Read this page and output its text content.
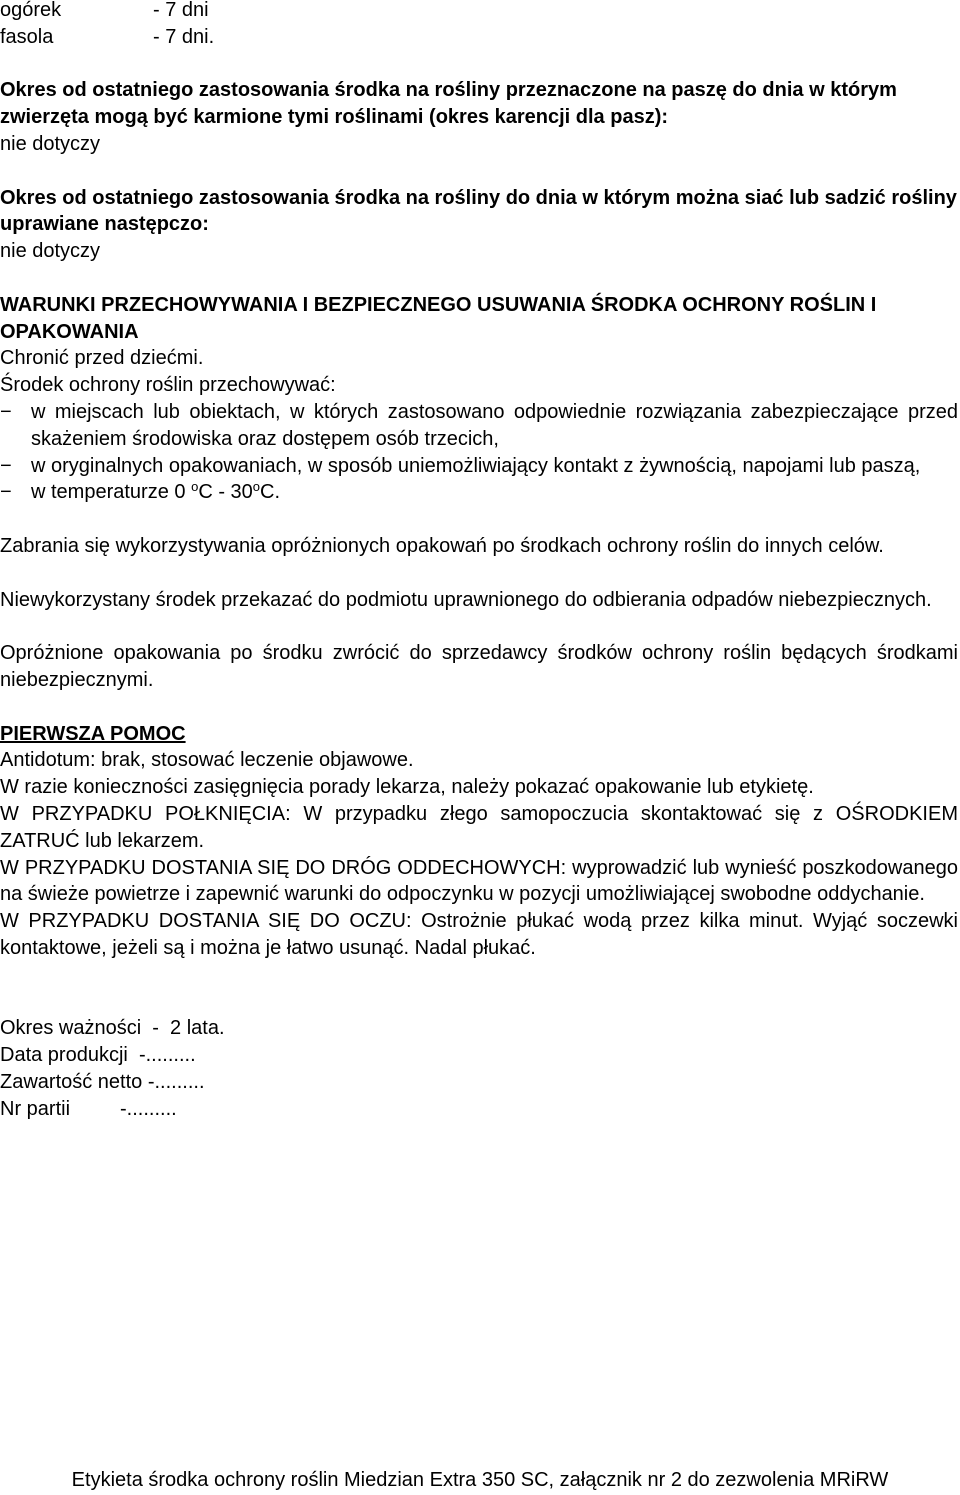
ogórek	- 7 dni
fasola	- 7 dni.

Okres od ostatniego zastosowania środka na rośliny przeznaczone na paszę do dnia w którym zwierzęta mogą być karmione tymi roślinami (okres karencji dla pasz):

nie dotyczy

Okres od ostatniego zastosowania środka na rośliny do dnia w którym można siać lub sadzić rośliny uprawiane następczo:

nie dotyczy

WARUNKI PRZECHOWYWANIA I BEZPIECZNEGO USUWANIA ŚRODKA OCHRONY ROŚLIN I OPAKOWANIA

Chronić przed dziećmi.

Środek ochrony roślin przechowywać:

− w miejscach lub obiektach, w których zastosowano odpowiednie rozwiązania zabezpieczające przed skażeniem środowiska oraz dostępem osób trzecich,
− w oryginalnych opakowaniach, w sposób uniemożliwiający kontakt z żywnością, napojami lub paszą,
− w temperaturze 0 $^o$C - 30$^o$C.

Zabrania się wykorzystywania opróżnionych opakowań po środkach ochrony roślin do innych celów.

Niewykorzystany środek przekazać do podmiotu uprawnionego do odbierania odpadów niebezpiecznych.

Opróżnione opakowania po środku zwrócić do sprzedawcy środków ochrony roślin będących środkami niebezpiecznymi.

PIERWSZA POMOC

Antidotum: brak, stosować leczenie objawowe.

W razie konieczności zasięgnięcia porady lekarza, należy pokazać opakowanie lub etykietę.

W PRZYPADKU POŁKNIĘCIA: W przypadku złego samopoczucia skontaktować się z OŚRODKIEM ZATRUĆ lub lekarzem.

W PRZYPADKU DOSTANIA SIĘ DO DRÓG ODDECHOWYCH: wyprowadzić lub wynieść poszkodowanego na świeże powietrze i zapewnić warunki do odpoczynku w pozycji umożliwiającej swobodne oddychanie.

W PRZYPADKU DOSTANIA SIĘ DO OCZU: Ostrożnie płukać wodą przez kilka minut. Wyjąć soczewki kontaktowe, jeżeli są i można je łatwo usunąć. Nadal płukać.

Okres ważności  -  2 lata.
Data produkcji  -.........
Zawartość netto -.........
Nr partii         -.........
Etykieta środka ochrony roślin Miedzian Extra 350 SC, załącznik nr 2 do zezwolenia MRiRW
